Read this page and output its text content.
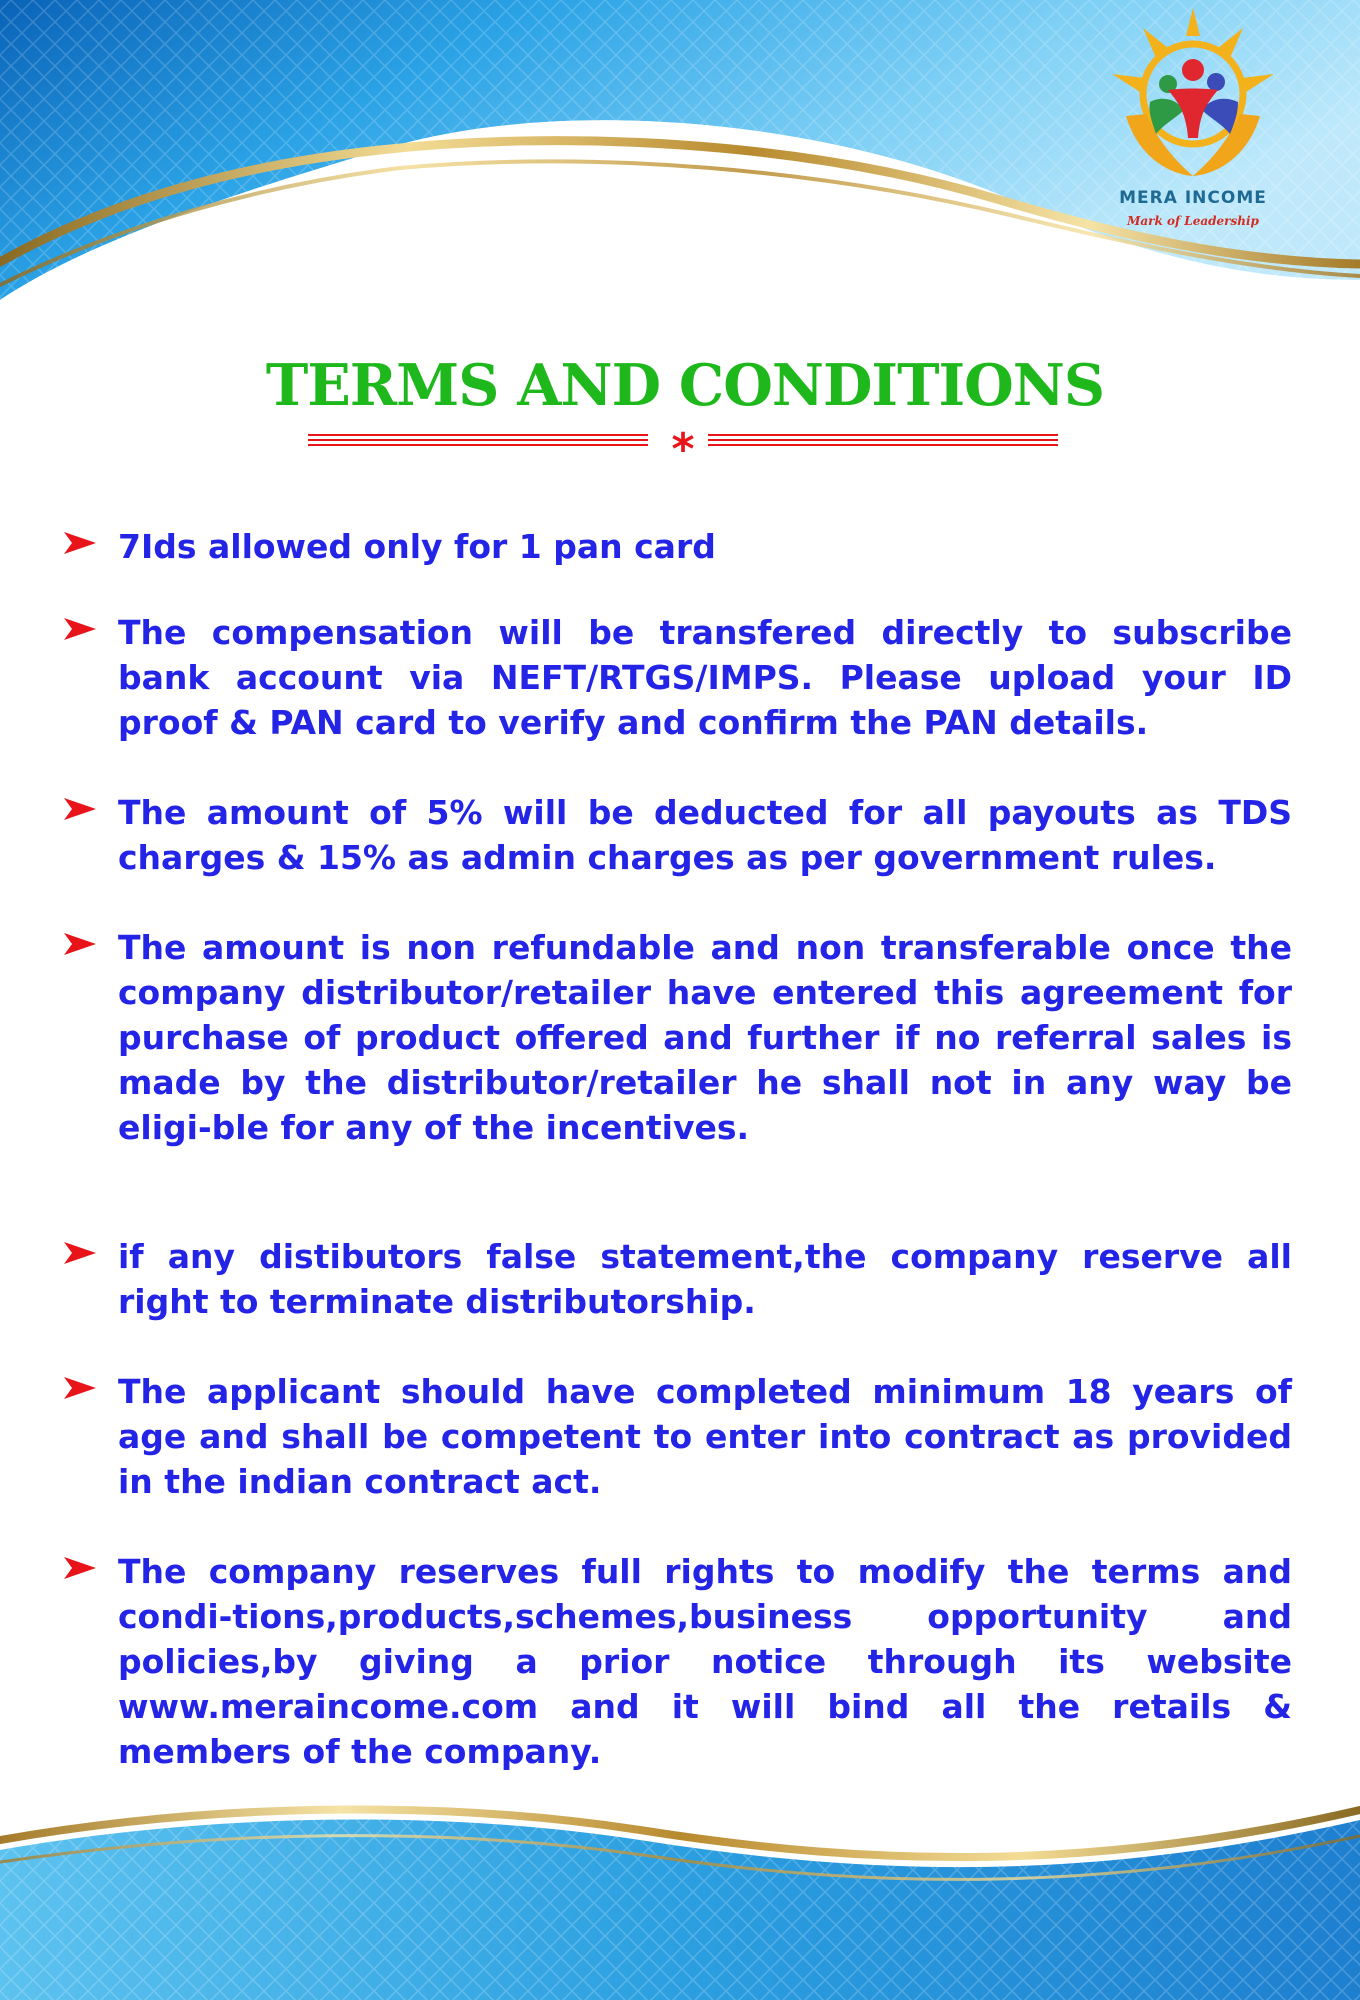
MERA INCOME
Mark of Leadership
TERMS AND CONDITIONS
*
7Ids allowed only for 1 pan card
The compensation will be transfered directly to subscribe bank account via NEFT/RTGS/IMPS. Please upload your ID proof & PAN card to verify and confirm the PAN details.
The amount of 5% will be deducted for all payouts as TDS charges & 15% as admin charges as per government rules.
The amount is non refundable and non transferable once the company distributor/retailer have entered this agreement for purchase of product offered and further if no referral sales is made by the distributor/retailer he shall not in any way be eligi-ble for any of the incentives.
if any distibutors false statement,the company reserve all right to terminate distributorship.
The applicant should have completed minimum 18 years of age and shall be competent to enter into contract as provided in the indian contract act.
The company reserves full rights to modify the terms and condi-tions,products,schemes,business opportunity and policies,by giving a prior notice through its website www.meraincome.com and it will bind all the retails & members of the company.
